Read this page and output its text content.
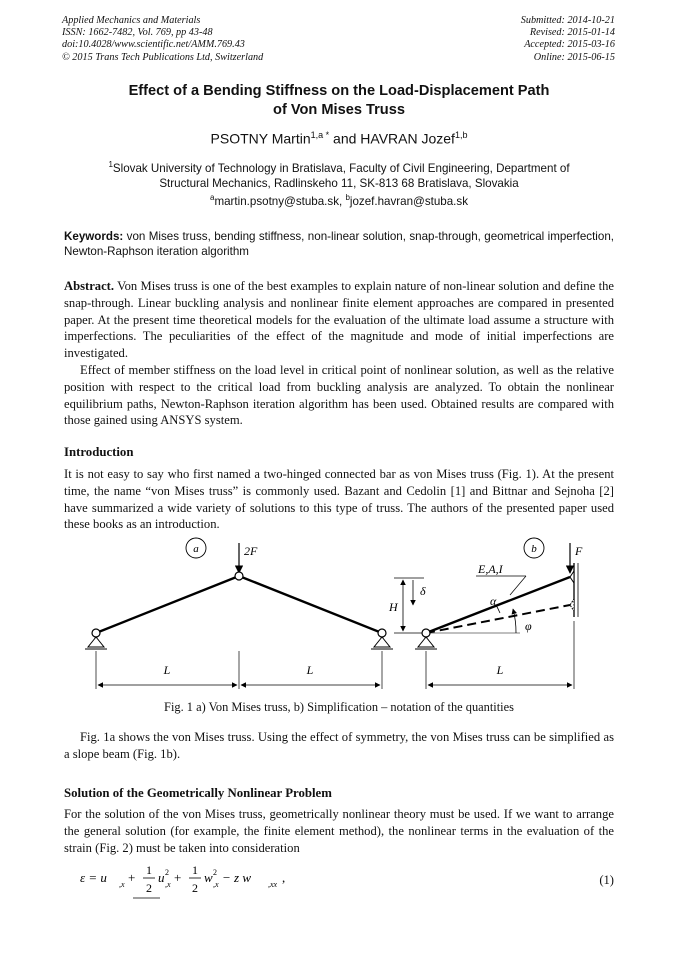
Applied Mechanics and Materials
ISSN: 1662-7482, Vol. 769, pp 43-48
doi:10.4028/www.scientific.net/AMM.769.43
© 2015 Trans Tech Publications Ltd, Switzerland
Submitted: 2014-10-21
Revised: 2015-01-14
Accepted: 2015-03-16
Online: 2015-06-15
Effect of a Bending Stiffness on the Load-Displacement Path
of Von Mises Truss
PSOTNY Martin$^{1,a *}$ and HAVRAN Jozef$^{1,b}$
$^1$Slovak University of Technology in Bratislava, Faculty of Civil Engineering, Department of
Structural Mechanics, Radlinskeho 11, SK-813 68 Bratislava, Slovakia
$^a$martin.psotny@stuba.sk, $^b$jozef.havran@stuba.sk
Keywords: von Mises truss, bending stiffness, non-linear solution, snap-through, geometrical imperfection, Newton-Raphson iteration algorithm

Abstract. Von Mises truss is one of the best examples to explain nature of non-linear solution and define the snap-through. Linear buckling analysis and nonlinear finite element approaches are compared in presented paper. At the present time theoretical models for the evaluation of the ultimate load assume a structure with imperfections. The peculiarities of the effect of the magnitude and mode of initial imperfections are investigated.

Effect of member stiffness on the load level in critical point of nonlinear solution, as well as the relative position with respect to the critical load from buckling analysis are analyzed. To obtain the nonlinear equilibrium paths, Newton-Raphson iteration algorithm has been used. Obtained results are compared with those gained using ANSYS system.

Introduction
It is not easy to say who first named a two-hinged connected bar as von Mises truss (Fig. 1). At the present time, the name “von Mises truss” is commonly used. Bazant and Cedolin [1] and Bittnar and Sejnoha [2] have summarized a wide variety of solutions to this type of truss. The authors of the presented paper used these books as an introduction.
a	2F
L	L
b	F
H
δ
φ
α
E,A,I
L
Fig. 1 a) Von Mises truss, b) Simplification – notation of the quantities

Fig. 1a shows the von Mises truss. Using the effect of symmetry, the von Mises truss can be simplified as a slope beam (Fig. 1b).

Solution of the Geometrically Nonlinear Problem
For the solution of the von Mises truss, geometrically nonlinear theory must be used. If we want to arrange the general solution (for example, the finite element method), the nonlinear terms in the evaluation of the strain (Fig. 2) must be taken into consideration
ε = u ,x + 1
2
u 2
,x + 1
2
w 2
,x − z w ,xx ,	(1)
